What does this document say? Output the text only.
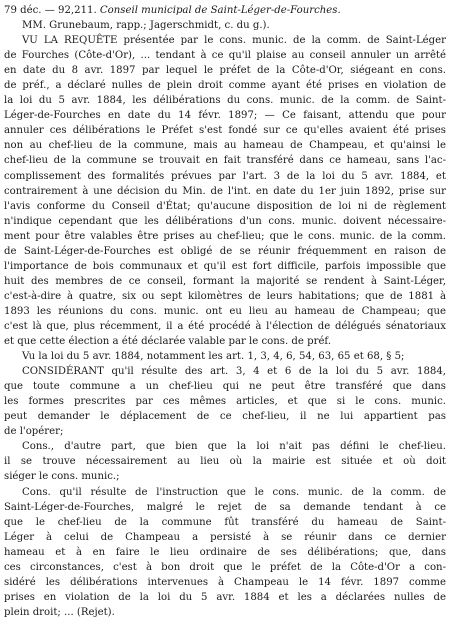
79 déc. — 92,211. Conseil municipal de Saint-Léger-de-Fourches.
MM. Grunebaum, rapp.; Jagerschmidt, c. du g.).
VU LA REQUÊTE présentée par le cons. munic. de la comm. de Saint-Léger
de Fourches (Côte-d'Or), ... tendant à ce qu'il plaise au conseil annuler un arrêté
en date du 8 avr. 1897 par lequel le préfet de la Côte-d'Or, siégeant en cons.
de préf., a déclaré nulles de plein droit comme ayant été prises en violation de
la loi du 5 avr. 1884, les délibérations du cons. munic. de la comm. de Saint-
Léger-de-Fourches en date du 14 févr. 1897; — Ce faisant, attendu que pour
annuler ces délibérations le Préfet s'est fondé sur ce qu'elles avaient été prises
non au chef-lieu de la commune, mais au hameau de Champeau, et qu'ainsi le
chef-lieu de la commune se trouvait en fait transféré dans ce hameau, sans l'ac-
complissement des formalités prévues par l'art. 3 de la loi du 5 avr. 1884, et
contrairement à une décision du Min. de l'int. en date du 1er juin 1892, prise sur
l'avis conforme du Conseil d'État; qu'aucune disposition de loi ni de règlement
n'indique cependant que les délibérations d'un cons. munic. doivent nécessaire-
ment pour être valables être prises au chef-lieu; que le cons. munic. de la comm.
de Saint-Léger-de-Fourches est obligé de se réunir fréquemment en raison de
l'importance de bois communaux et qu'il est fort difficile, parfois impossible que
huit des membres de ce conseil, formant la majorité se rendent à Saint-Léger,
c'est-à-dire à quatre, six ou sept kilomètres de leurs habitations; que de 1881 à
1893 les réunions du cons. munic. ont eu lieu au hameau de Champeau; que
c'est là que, plus récemment, il a été procédé à l'élection de délégués sénatoriaux
et que cette élection a été déclarée valable par le cons. de préf.
Vu la loi du 5 avr. 1884, notamment les art. 1, 3, 4, 6, 54, 63, 65 et 68, § 5;
CONSIDÉRANT qu'il résulte des art. 3, 4 et 6 de la loi du 5 avr. 1884,
que toute commune a un chef-lieu qui ne peut être transféré que dans
les formes prescrites par ces mêmes articles, et que si le cons. munic.
peut demander le déplacement de ce chef-lieu, il ne lui appartient pas
de l'opérer;
Cons., d'autre part, que bien que la loi n'ait pas défini le chef-lieu.
il se trouve nécessairement au lieu où la mairie est située et où doit
siéger le cons. munic.;
Cons. qu'il résulte de l'instruction que le cons. munic. de la comm. de
Saint-Léger-de-Fourches, malgré le rejet de sa demande tendant à ce
que le chef-lieu de la commune fût transféré du hameau de Saint-
Léger à celui de Champeau a persisté à se réunir dans ce dernier
hameau et à en faire le lieu ordinaire de ses délibérations; que, dans
ces circonstances, c'est à bon droit que le préfet de la Côte-d'Or a con-
sidéré les délibérations intervenues à Champeau le 14 févr. 1897 comme
prises en violation de la loi du 5 avr. 1884 et les a déclarées nulles de
plein droit; ... (Rejet).
